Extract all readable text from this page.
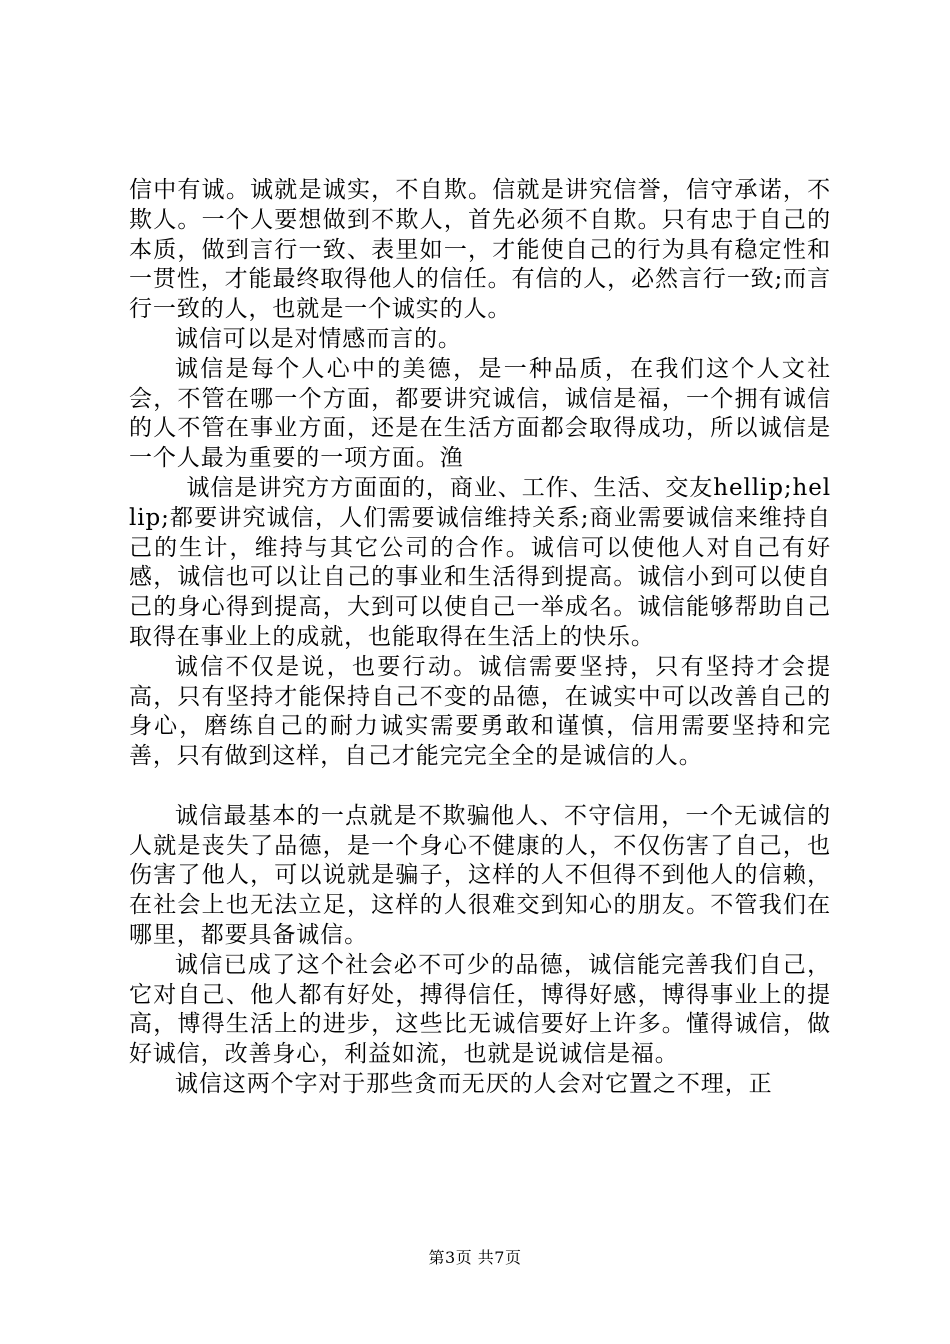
信中有诚。诚就是诚实，不自欺。信就是讲究信誉，信守承诺，不欺人。一个人要想做到不欺人，首先必须不自欺。只有忠于自己的本质，做到言行一致、表里如一，才能使自己的行为具有稳定性和一贯性，才能最终取得他人的信任。有信的人，必然言行一致;而言行一致的人，也就是一个诚实的人。

诚信可以是对情感而言的。

诚信是每个人心中的美德，是一种品质，在我们这个人文社会，不管在哪一个方面，都要讲究诚信，诚信是福，一个拥有诚信的人不管在事业方面，还是在生活方面都会取得成功，所以诚信是一个人最为重要的一项方面。渔

诚信是讲究方方面面的，商业、工作、生活、交友hellip;hellip;都要讲究诚信，人们需要诚信维持关系;商业需要诚信来维持自己的生计，维持与其它公司的合作。诚信可以使他人对自己有好感，诚信也可以让自己的事业和生活得到提高。诚信小到可以使自己的身心得到提高，大到可以使自己一举成名。诚信能够帮助自己取得在事业上的成就，也能取得在生活上的快乐。

诚信不仅是说，也要行动。诚信需要坚持，只有坚持才会提高，只有坚持才能保持自己不变的品德，在诚实中可以改善自己的身心，磨练自己的耐力诚实需要勇敢和谨慎，信用需要坚持和完善，只有做到这样，自己才能完完全全的是诚信的人。

诚信最基本的一点就是不欺骗他人、不守信用，一个无诚信的人就是丧失了品德，是一个身心不健康的人，不仅伤害了自己，也伤害了他人，可以说就是骗子，这样的人不但得不到他人的信赖，在社会上也无法立足，这样的人很难交到知心的朋友。不管我们在哪里，都要具备诚信。

诚信已成了这个社会必不可少的品德，诚信能完善我们自己，它对自己、他人都有好处，搏得信任，博得好感，博得事业上的提高，博得生活上的进步，这些比无诚信要好上许多。懂得诚信，做好诚信，改善身心，利益如流，也就是说诚信是福。

诚信这两个字对于那些贪而无厌的人会对它置之不理，正

第3页 共7页
